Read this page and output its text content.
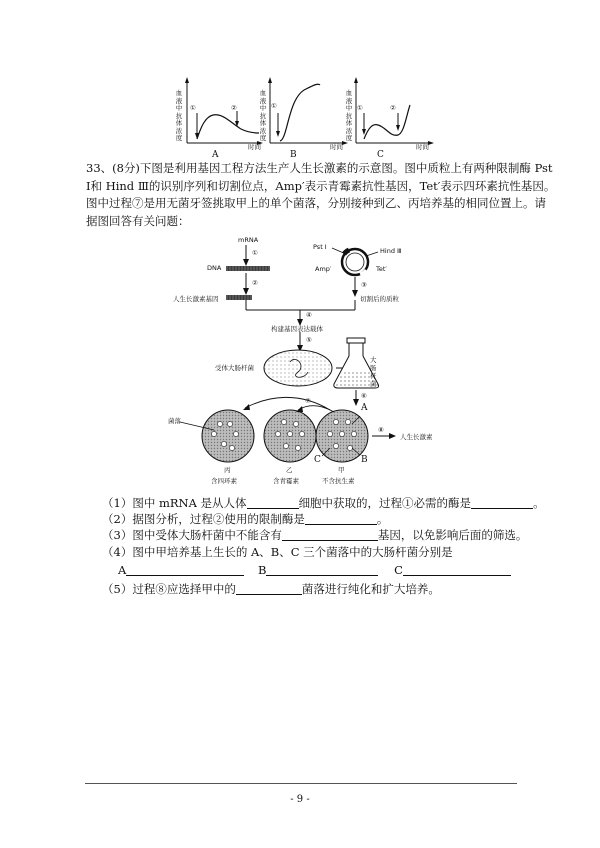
血液中抗体浓度
①	②
时间
A
血液中抗体浓度
①
时间
B
血液中抗体浓度
①	②
时间
C
33、(8分)下图是利用基因工程方法生产人生长激素的示意图。图中质粒上有两种限制酶 Pst
Ⅰ和 Hind Ⅲ的识别序列和切割位点，Amp′表示青霉素抗性基因，Tet′表示四环素抗性基因。
图中过程⑦是用无菌牙签挑取甲上的单个菌落，分别接种到乙、丙培养基的相同位置上。请
据图回答有关问题：
mRNA
①
DNA
②
人生长激素基因
Pst Ⅰ	Hind Ⅲ
Amp′	Tet′
③
切割后的质粒
④
构建基因表达载体
⑤
受体大肠杆菌
大肠杆菌
⑥
⑦
菌落
A
B
C
⑧
人生长激素
丙	乙	甲
含四环素	含青霉素	不含抗生素
（1）图中 mRNA 是从人体	细胞中获取的，过程①必需的酶是	。
（2）据图分析，过程②使用的限制酶是	。
（3）图中受体大肠杆菌中不能含有	基因，以免影响后面的筛选。
（4）图中甲培养基上生长的 A、B、C 三个菌落中的大肠杆菌分别是
A	B	C
（5）过程⑧应选择甲中的	菌落进行纯化和扩大培养。
- 9 -
